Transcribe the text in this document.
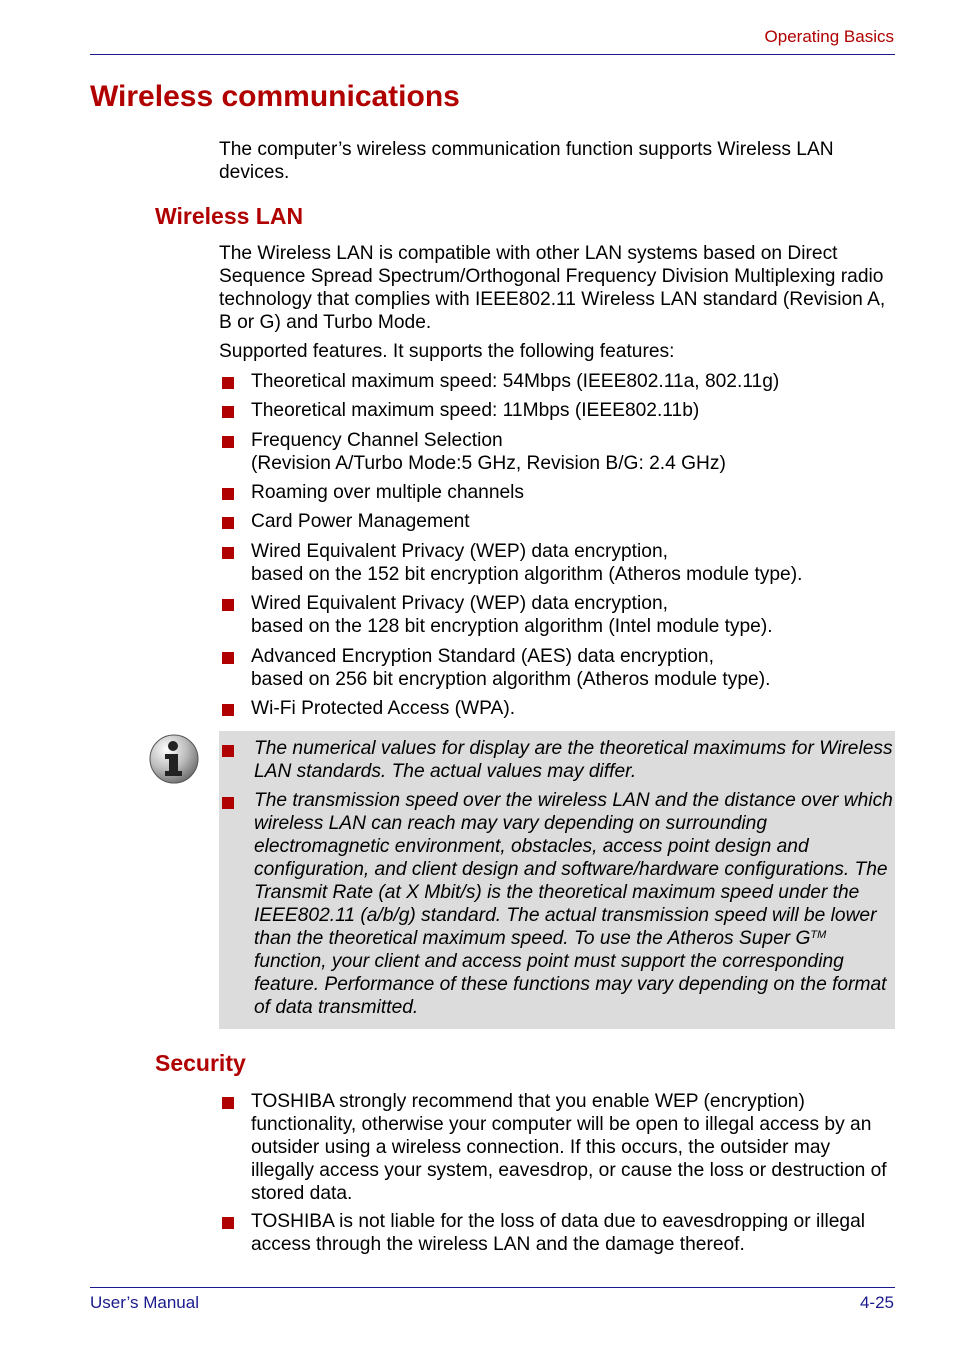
Operating Basics
Wireless communications
The computer’s wireless communication function supports Wireless LAN devices.
Wireless LAN
The Wireless LAN is compatible with other LAN systems based on Direct Sequence Spread Spectrum/Orthogonal Frequency Division Multiplexing radio technology that complies with IEEE802.11 Wireless LAN standard (Revision A, B or G) and Turbo Mode.
Supported features. It supports the following features:
Theoretical maximum speed: 54Mbps (IEEE802.11a, 802.11g)
Theoretical maximum speed: 11Mbps (IEEE802.11b)
Frequency Channel Selection
(Revision A/Turbo Mode:5 GHz, Revision B/G: 2.4 GHz)
Roaming over multiple channels
Card Power Management
Wired Equivalent Privacy (WEP) data encryption,
based on the 152 bit encryption algorithm (Atheros module type).
Wired Equivalent Privacy (WEP) data encryption,
based on the 128 bit encryption algorithm (Intel module type).
Advanced Encryption Standard (AES) data encryption,
based on 256 bit encryption algorithm (Atheros module type).
Wi-Fi Protected Access (WPA).
The numerical values for display are the theoretical maximums for Wireless LAN standards. The actual values may differ.
The transmission speed over the wireless LAN and the distance over which wireless LAN can reach may vary depending on surrounding electromagnetic environment, obstacles, access point design and configuration, and client design and software/hardware configurations. The Transmit Rate (at X Mbit/s) is the theoretical maximum speed under the IEEE802.11 (a/b/g) standard. The actual transmission speed will be lower than the theoretical maximum speed. To use the Atheros Super G™ function, your client and access point must support the corresponding feature. Performance of these functions may vary depending on the format of data transmitted.
Security
TOSHIBA strongly recommend that you enable WEP (encryption) functionality, otherwise your computer will be open to illegal access by an outsider using a wireless connection. If this occurs, the outsider may illegally access your system, eavesdrop, or cause the loss or destruction of stored data.
TOSHIBA is not liable for the loss of data due to eavesdropping or illegal access through the wireless LAN and the damage thereof.
User’s Manual	4-25
